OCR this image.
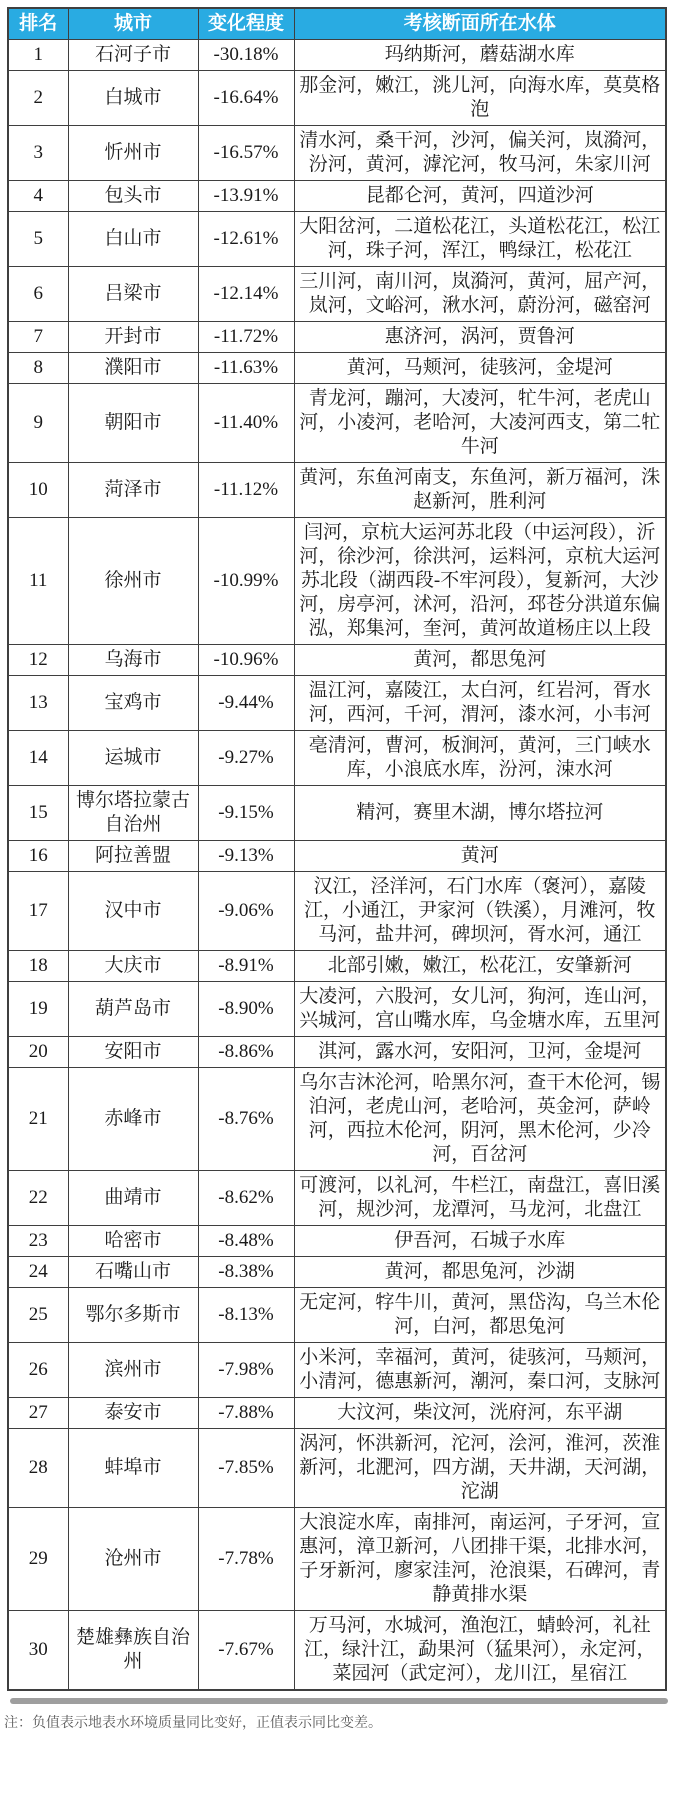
排名	城市	变化程度	考核断面所在水体
1	石河子市	-30.18%	玛纳斯河，蘑菇湖水库
2	白城市	-16.64%	那金河，嫩江，洮儿河，向海水库，莫莫格泡
3	忻州市	-16.57%	清水河，桑干河，沙河，偏关河，岚漪河，汾河，黄河，滹沱河，牧马河，朱家川河
4	包头市	-13.91%	昆都仑河，黄河，四道沙河
5	白山市	-12.61%	大阳岔河，二道松花江，头道松花江，松江河，珠子河，浑江，鸭绿江，松花江
6	吕梁市	-12.14%	三川河，南川河，岚漪河，黄河，屈产河，岚河，文峪河，湫水河，蔚汾河，磁窑河
7	开封市	-11.72%	惠济河，涡河，贾鲁河
8	濮阳市	-11.63%	黄河，马颊河，徒骇河，金堤河
9	朝阳市	-11.40%	青龙河，蹦河，大凌河，牤牛河，老虎山河，小凌河，老哈河，大凌河西支，第二牤牛河
10	菏泽市	-11.12%	黄河，东鱼河南支，东鱼河，新万福河，洙赵新河，胜利河
11	徐州市	-10.99%	闫河，京杭大运河苏北段（中运河段），沂河，徐沙河，徐洪河，运料河，京杭大运河苏北段（湖西段-不牢河段），复新河，大沙河，房亭河，沭河，沿河，邳苍分洪道东偏泓，郑集河，奎河，黄河故道杨庄以上段
12	乌海市	-10.96%	黄河，都思兔河
13	宝鸡市	-9.44%	温江河，嘉陵江，太白河，红岩河，胥水河，西河，千河，渭河，漆水河，小韦河
14	运城市	-9.27%	亳清河，曹河，板涧河，黄河，三门峡水库，小浪底水库，汾河，涑水河
15	博尔塔拉蒙古自治州	-9.15%	精河，赛里木湖，博尔塔拉河
16	阿拉善盟	-9.13%	黄河
17	汉中市	-9.06%	汉江，泾洋河，石门水库（褒河），嘉陵江，小通江，尹家河（铁溪），月滩河，牧马河，盐井河，碑坝河，胥水河，通江
18	大庆市	-8.91%	北部引嫩，嫩江，松花江，安肇新河
19	葫芦岛市	-8.90%	大凌河，六股河，女儿河，狗河，连山河，兴城河，宫山嘴水库，乌金塘水库，五里河
20	安阳市	-8.86%	淇河，露水河，安阳河，卫河，金堤河
21	赤峰市	-8.76%	乌尔吉沐沦河，哈黑尔河，查干木伦河，锡泊河，老虎山河，老哈河，英金河，萨岭河，西拉木伦河，阴河，黑木伦河，少冷河，百岔河
22	曲靖市	-8.62%	可渡河，以礼河，牛栏江，南盘江，喜旧溪河，规沙河，龙潭河，马龙河，北盘江
23	哈密市	-8.48%	伊吾河，石城子水库
24	石嘴山市	-8.38%	黄河，都思兔河，沙湖
25	鄂尔多斯市	-8.13%	无定河，牸牛川，黄河，黑岱沟，乌兰木伦河，白河，都思兔河
26	滨州市	-7.98%	小米河，幸福河，黄河，徒骇河，马颊河，小清河，德惠新河，潮河，秦口河，支脉河
27	泰安市	-7.88%	大汶河，柴汶河，洸府河，东平湖
28	蚌埠市	-7.85%	涡河，怀洪新河，沱河，浍河，淮河，茨淮新河，北淝河，四方湖，天井湖，天河湖，沱湖
29	沧州市	-7.78%	大浪淀水库，南排河，南运河，子牙河，宣惠河，漳卫新河，八团排干渠，北排水河，子牙新河，廖家洼河，沧浪渠，石碑河，青静黄排水渠
30	楚雄彝族自治州	-7.67%	万马河，水城河，渔泡江，蜻蛉河，礼社江，绿汁江，勐果河（猛果河），永定河，菜园河（武定河），龙川江，星宿江

注：负值表示地表水环境质量同比变好，正值表示同比变差。
